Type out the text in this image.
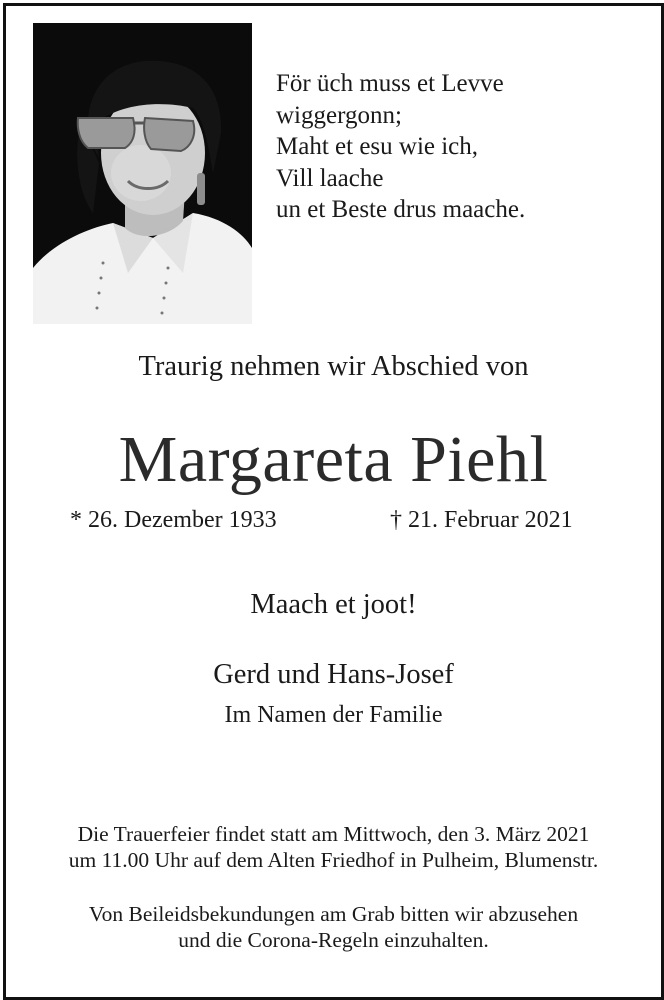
För üch muss et Levve
wiggergonn;
Maht et esu wie ich,
Vill laache
un et Beste drus maache.
Traurig nehmen wir Abschied von
Margareta Piehl
* 26. Dezember 1933	† 21. Februar 2021
Maach et joot!
Gerd und Hans-Josef
Im Namen der Familie
Die Trauerfeier findet statt am Mittwoch, den 3. März 2021
um 11.00 Uhr auf dem Alten Friedhof in Pulheim, Blumenstr.
Von Beileidsbekundungen am Grab bitten wir abzusehen
und die Corona-Regeln einzuhalten.
